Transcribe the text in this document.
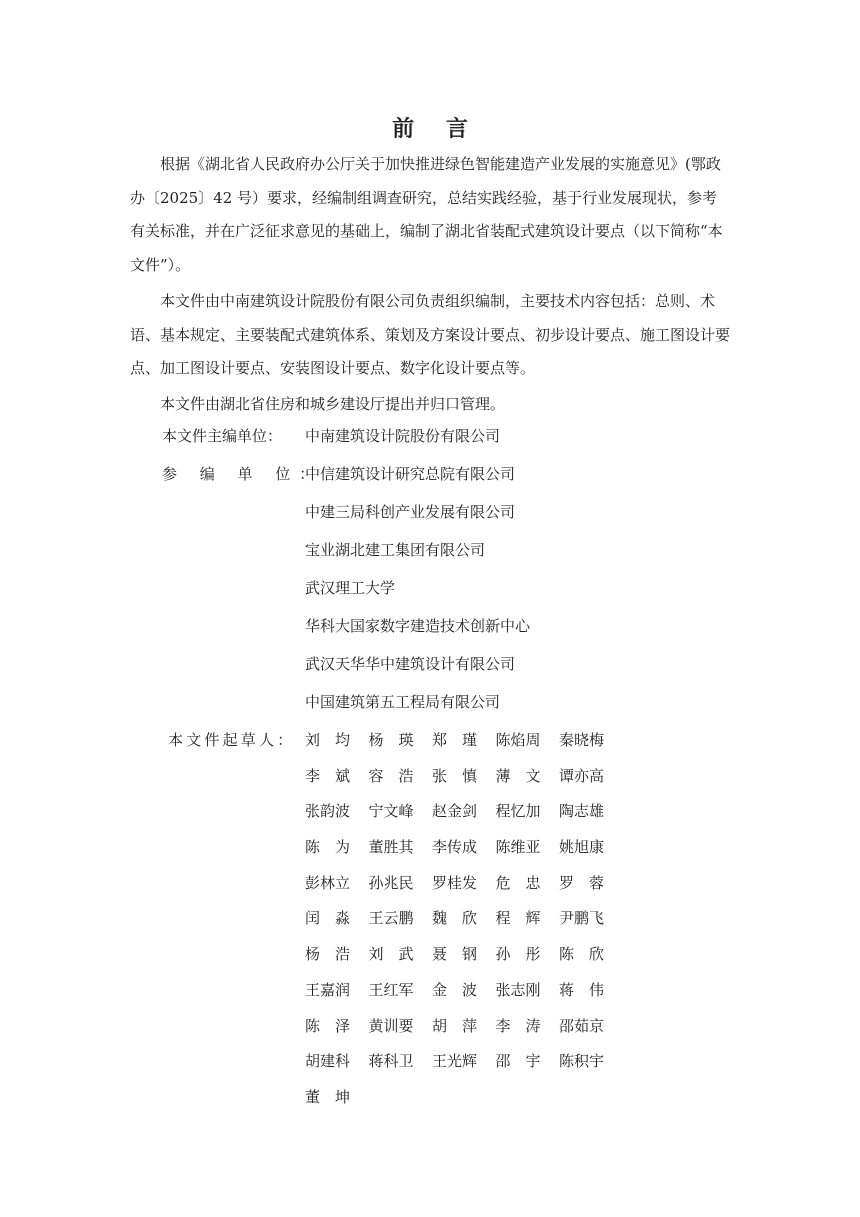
前 言

根据《湖北省人民政府办公厅关于加快推进绿色智能建造产业发展的实施意见》(鄂政办〔2025〕42 号）要求，经编制组调查研究，总结实践经验，基于行业发展现状，参考有关标准，并在广泛征求意见的基础上，编制了湖北省装配式建筑设计要点（以下简称“本文件”）。

本文件由中南建筑设计院股份有限公司负责组织编制，主要技术内容包括：总则、术语、基本规定、主要装配式建筑体系、策划及方案设计要点、初步设计要点、施工图设计要点、加工图设计要点、安装图设计要点、数字化设计要点等。

本文件由湖北省住房和城乡建设厅提出并归口管理。

本文件主编单位： 中南建筑设计院股份有限公司
参 编 单 位：
中信建筑设计研究总院有限公司
中建三局科创产业发展有限公司
宝业湖北建工集团有限公司
武汉理工大学
华科大国家数字建造技术创新中心
武汉天华华中建筑设计有限公司
中国建筑第五工程局有限公司
本文件起草人： 刘均 杨瑛 郑瑾 陈焰周	秦晓梅
李斌 容浩 张慎 薄文 谭亦高
张韵波	宁文峰	赵金剑	程忆加	陶志雄
陈为 董胜其	李传成	陈维亚	姚旭康
彭林立	孙兆民	罗桂发	危忠 罗蓉
闰淼 王云鹏	魏欣 程辉 尹鹏飞
杨浩 刘武 聂钢 孙彤 陈欣
王嘉润	王红军	金波 张志刚	蒋伟
陈泽 黄训要	胡萍 李涛 邵茹京
胡建科	蒋科卫	王光辉	邵宇 陈积宇
董坤
